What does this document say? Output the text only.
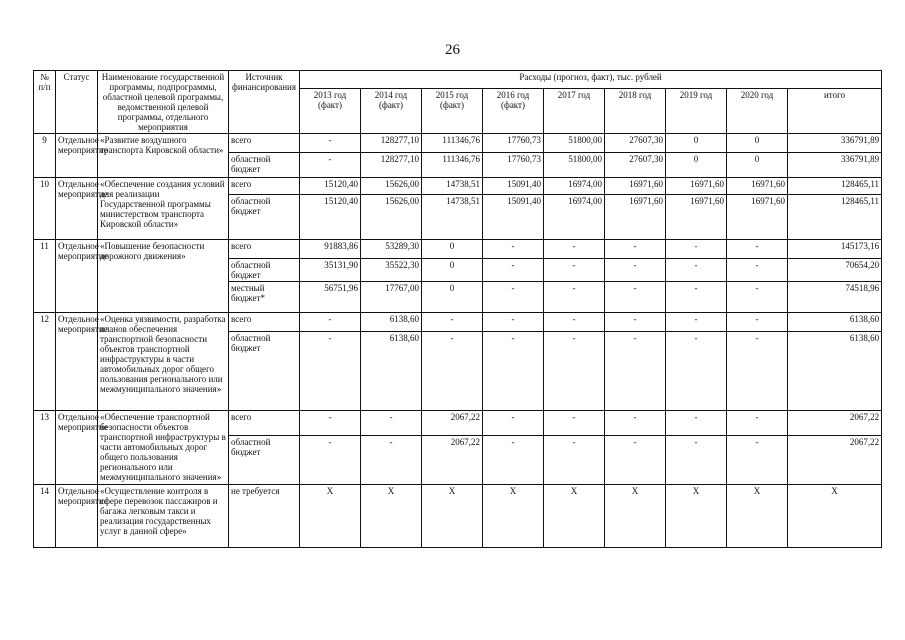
26
№ п/п	Статус	Наименование государственной программы, подпрограммы, областной целевой программы, ведомственной целевой программы, отдельного мероприятия	Источник финансирования	Расходы (прогноз, факт), тыс. рублей								
				2013 год (факт)	2014 год (факт)	2015 год (факт)	2016 год (факт)	2017 год	2018 год	2019 год	2020 год	итого
9	Отдельное мероприятие	«Развитие воздушного транспорта Кировской области»	всего	-	128277,10	111346,76	17760,73	51800,00	27607,30	0	0	336791,89
			областной бюджет	-	128277,10	111346,76	17760,73	51800,00	27607,30	0	0	336791,89
10	Отдельное мероприятие	«Обеспечение создания условий для реализации Государственной программы министерством транспорта Кировской области»	всего	15120,40	15626,00	14738,51	15091,40	16974,00	16971,60	16971,60	16971,60	128465,11
			областной бюджет	15120,40	15626,00	14738,51	15091,40	16974,00	16971,60	16971,60	16971,60	128465,11
11	Отдельное мероприятие	«Повышение безопасности дорожного движения»	всего	91883,86	53289,30	0	-	-	-	-	-	145173,16
			областной бюджет	35131,90	35522,30	0	-	-	-	-	-	70654,20
			местный бюджет*	56751,96	17767,00	0	-	-	-	-	-	74518,96
12	Отдельное мероприятие	«Оценка уязвимости, разработка планов обеспечения транспортной безопасности объектов транспортной инфраструктуры в части автомобильных дорог общего пользования регионального или межмуниципального значения»	всего	-	6138,60	-	-	-	-	-	-	6138,60
			областной бюджет	-	6138,60	-	-	-	-	-	-	6138,60
13	Отдельное мероприятие	«Обеспечение транспортной безопасности объектов транспортной инфраструктуры в части автомобильных дорог общего пользования регионального или межмуниципального значения»	всего	-	-	2067,22	-	-	-	-	-	2067,22
			областной бюджет	-	-	2067,22	-	-	-	-	-	2067,22
14	Отдельное мероприятие	«Осуществление контроля в сфере перевозок пассажиров и багажа легковым такси и реализация государственных услуг в данной сфере»	не требуется	X	X	X	X	X	X	X	X	X
